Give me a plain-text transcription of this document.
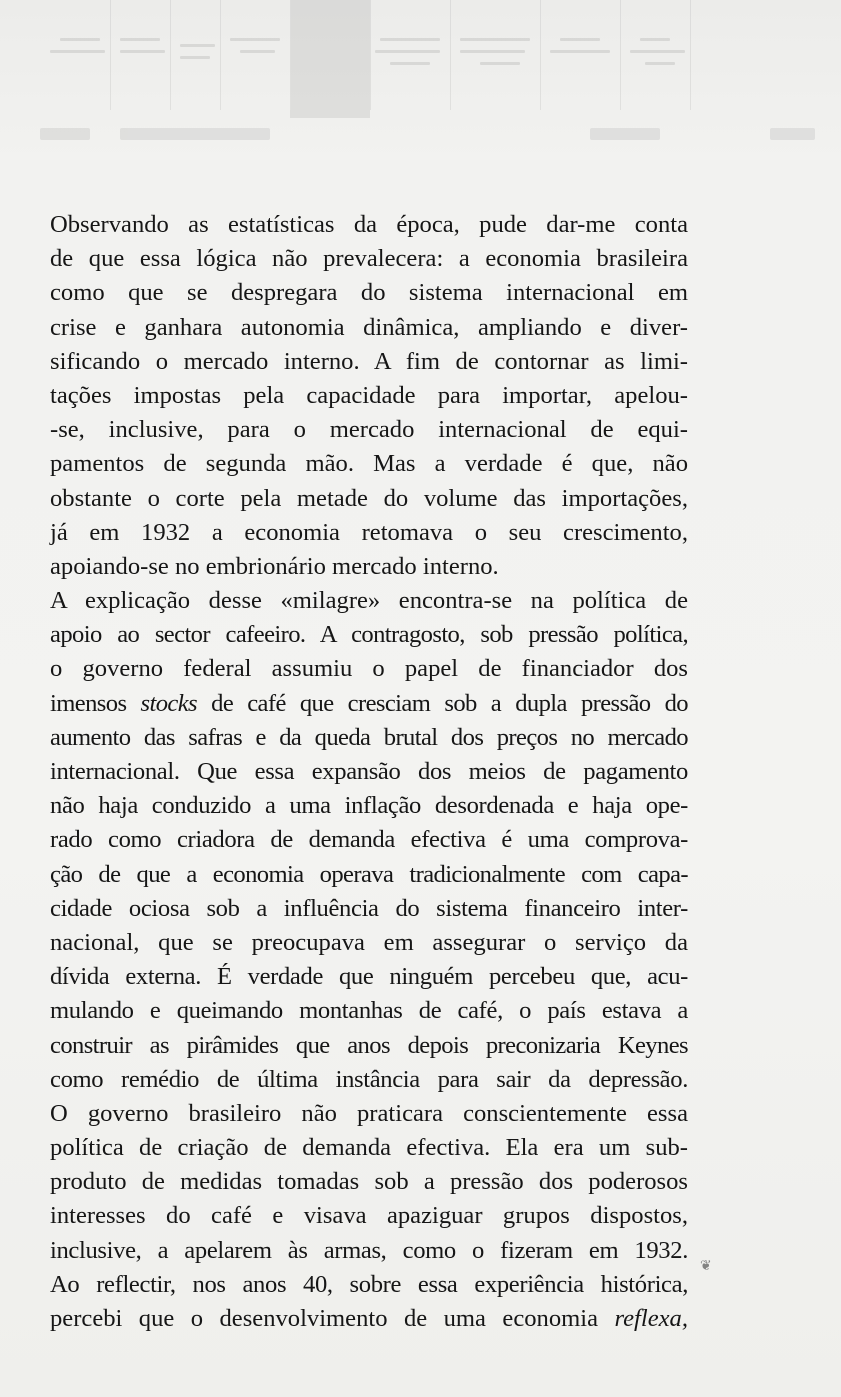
Observando as estatísticas da época, pude dar-me conta
de que essa lógica não prevalecera: a economia brasileira
como que se despregara do sistema internacional em
crise e ganhara autonomia dinâmica, ampliando e diver-
sificando o mercado interno. A fim de contornar as limi-
tações impostas pela capacidade para importar, apelou-
-se, inclusive, para o mercado internacional de equi-
pamentos de segunda mão. Mas a verdade é que, não
obstante o corte pela metade do volume das importações,
já em 1932 a economia retomava o seu crescimento,
apoiando-se no embrionário mercado interno.
A explicação desse «milagre» encontra-se na política de
apoio ao sector cafeeiro. A contragosto, sob pressão política,
o governo federal assumiu o papel de financiador dos
imensos stocks de café que cresciam sob a dupla pressão do
aumento das safras e da queda brutal dos preços no mercado
internacional. Que essa expansão dos meios de pagamento
não haja conduzido a uma inflação desordenada e haja ope-
rado como criadora de demanda efectiva é uma comprova-
ção de que a economia operava tradicionalmente com capa-
cidade ociosa sob a influência do sistema financeiro inter-
nacional, que se preocupava em assegurar o serviço da
dívida externa. É verdade que ninguém percebeu que, acu-
mulando e queimando montanhas de café, o país estava a
construir as pirâmides que anos depois preconizaria Keynes
como remédio de última instância para sair da depressão.
O governo brasileiro não praticara conscientemente essa
política de criação de demanda efectiva. Ela era um sub-
produto de medidas tomadas sob a pressão dos poderosos
interesses do café e visava apaziguar grupos dispostos,
inclusive, a apelarem às armas, como o fizeram em 1932.
Ao reflectir, nos anos 40, sobre essa experiência histórica,
percebi que o desenvolvimento de uma economia reflexa,
❦
